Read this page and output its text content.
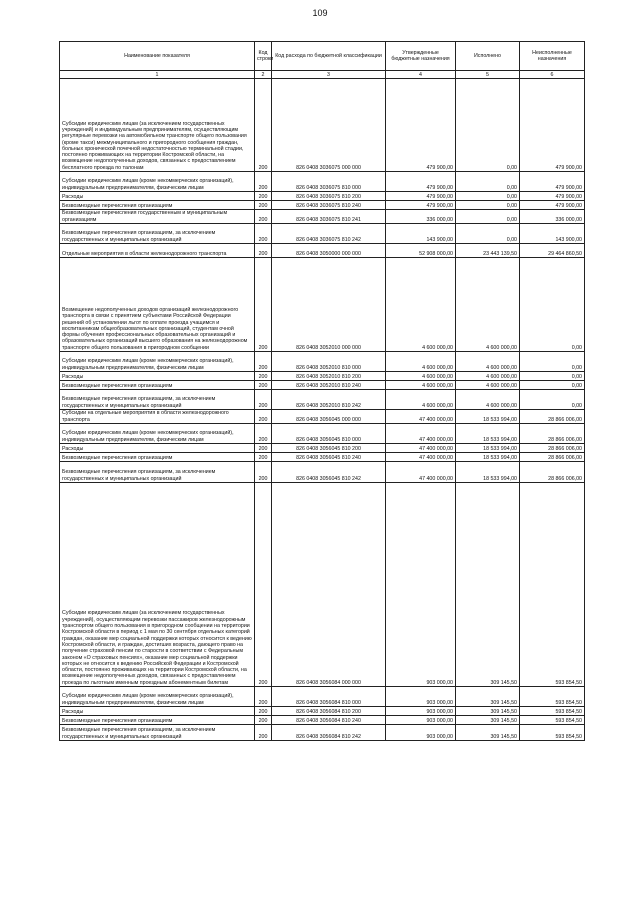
109
Наименование показателя	Код строки	Код расхода по бюджетной классификации	Утвержденные бюджетные назначения	Исполнено	Неисполненные назначения
1	2	3	4	5	6
Субсидии юридическим лицам (за исключением государственных учреждений) и индивидуальным предпринимателям, осуществляющим регулярные перевозки на автомобильном транспорте общего пользования (кроме такси) межмуниципального и пригородного сообщения граждан, больных хронической почечной недостаточностью терминальной стадии, постоянно проживающих на территории Костромской области, на возмещение недополученных доходов, связанных с предоставлением бесплатного проезда по талонам	200	826 0408 3036075 000 000	479 900,00	0,00	479 900,00
Субсидии юридическим лицам (кроме некоммерческих организаций), индивидуальным предпринимателям, физическим лицам	200	826 0408 3036075 810 000	479 900,00	0,00	479 900,00
Расходы	200	826 0408 3036075 810 200	479 900,00	0,00	479 900,00
Безвозмездные перечисления организациям	200	826 0408 3036075 810 240	479 900,00	0,00	479 900,00
Безвозмездные перечисления государственным и муниципальным организациям	200	826 0408 3036075 810 241	336 000,00	0,00	336 000,00
Безвозмездные перечисления организациям, за исключением государственных и муниципальных организаций	200	826 0408 3036075 810 242	143 900,00	0,00	143 900,00
Отдельные мероприятия в области железнодорожного транспорта	200	826 0408 3050000 000 000	52 908 000,00	23 443 139,50	29 464 860,50
Возмещение недополученных доходов организаций железнодорожного транспорта в связи с принятием субъектами Российской Федерации решений об установлении льгот по оплате проезда учащимся и воспитанникам общеобразовательных организаций, студентам очной формы обучения профессиональных образовательных организаций и образовательных организаций высшего образования на железнодорожном транспорте общего пользования в пригородном сообщении	200	826 0408 3052010 000 000	4 600 000,00	4 600 000,00	0,00
Субсидии юридическим лицам (кроме некоммерческих организаций), индивидуальным предпринимателям, физическим лицам	200	826 0408 3052010 810 000	4 600 000,00	4 600 000,00	0,00
Расходы	200	826 0408 3052010 810 200	4 600 000,00	4 600 000,00	0,00
Безвозмездные перечисления организациям	200	826 0408 3052010 810 240	4 600 000,00	4 600 000,00	0,00
Безвозмездные перечисления организациям, за исключением государственных и муниципальных организаций	200	826 0408 3052010 810 242	4 600 000,00	4 600 000,00	0,00
Субсидии на отдельные мероприятия в области железнодорожного транспорта	200	826 0408 3056045 000 000	47 400 000,00	18 533 994,00	28 866 006,00
Субсидии юридическим лицам (кроме некоммерческих организаций), индивидуальным предпринимателям, физическим лицам	200	826 0408 3056045 810 000	47 400 000,00	18 533 994,00	28 866 006,00
Расходы	200	826 0408 3056045 810 200	47 400 000,00	18 533 994,00	28 866 006,00
Безвозмездные перечисления организациям	200	826 0408 3056045 810 240	47 400 000,00	18 533 994,00	28 866 006,00
Безвозмездные перечисления организациям, за исключением государственных и муниципальных организаций	200	826 0408 3056045 810 242	47 400 000,00	18 533 994,00	28 866 006,00
Субсидии юридическим лицам (за исключением государственных учреждений), осуществляющим перевозки пассажиров железнодорожным транспортом общего пользования в пригородном сообщении на территории Костромской области в период с 1 мая по 30 сентября отдельных категорий граждан, оказание мер социальной поддержки которых относится к ведению Костромской области, и граждан, достигших возраста, дающего право на получение страховой пенсии по старости в соответствии с Федеральным законом «О страховых пенсиях», оказание мер социальной поддержки которых не относится к ведению Российской Федерации и Костромской области, постоянно проживающих на территории Костромской области, на возмещение недополученных доходов, связанных с предоставлением проезда по льготным именным проездным абонементным билетам	200	826 0408 3056084 000 000	903 000,00	309 145,50	593 854,50
Субсидии юридическим лицам (кроме некоммерческих организаций), индивидуальным предпринимателям, физическим лицам	200	826 0408 3056084 810 000	903 000,00	309 145,50	593 854,50
Расходы	200	826 0408 3056084 810 200	903 000,00	309 145,50	593 854,50
Безвозмездные перечисления организациям	200	826 0408 3056084 810 240	903 000,00	309 145,50	593 854,50
Безвозмездные перечисления организациям, за исключением государственных и муниципальных организаций	200	826 0408 3056084 810 242	903 000,00	309 145,50	593 854,50
